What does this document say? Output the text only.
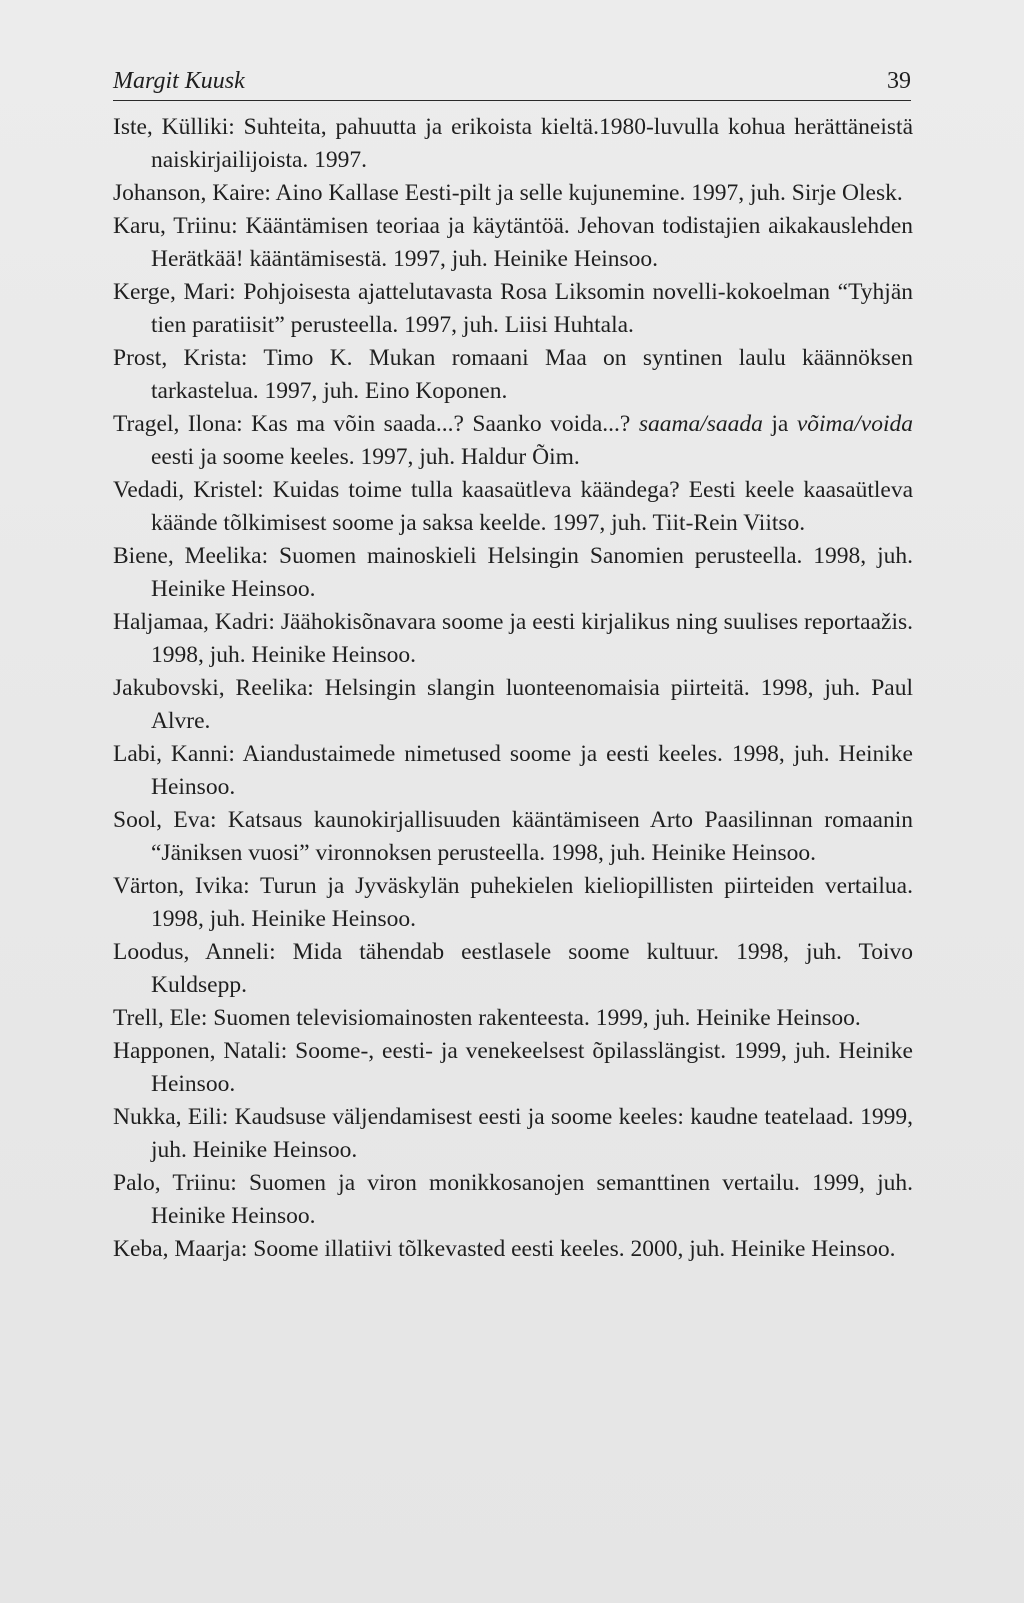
Margit Kuusk	39
Iste, Külliki: Suhteita, pahuutta ja erikoista kieltä.1980-luvulla kohua herättäneistä naiskirjailijoista. 1997.
Johanson, Kaire: Aino Kallase Eesti-pilt ja selle kujunemine. 1997, juh. Sirje Olesk.
Karu, Triinu: Kääntämisen teoriaa ja käytäntöä. Jehovan todistajien aikakauslehden Herätkää! kääntämisestä. 1997, juh. Heinike Heinsoo.
Kerge, Mari: Pohjoisesta ajattelutavasta Rosa Liksomin novelli-kokoelman “Tyhjän tien paratiisit” perusteella. 1997, juh. Liisi Huhtala.
Prost, Krista: Timo K. Mukan romaani Maa on syntinen laulu käännöksen tarkastelua. 1997, juh. Eino Koponen.
Tragel, Ilona: Kas ma võin saada...? Saanko voida...? saama/saada ja võima/voida eesti ja soome keeles. 1997, juh. Haldur Õim.
Vedadi, Kristel: Kuidas toime tulla kaasaütleva käändega? Eesti keele kaasaütleva käände tõlkimisest soome ja saksa keelde. 1997, juh. Tiit-Rein Viitso.
Biene, Meelika: Suomen mainoskieli Helsingin Sanomien perusteella. 1998, juh. Heinike Heinsoo.
Haljamaa, Kadri: Jäähokisõnavara soome ja eesti kirjalikus ning suulises reportaažis. 1998, juh. Heinike Heinsoo.
Jakubovski, Reelika: Helsingin slangin luonteenomaisia piirteitä. 1998, juh. Paul Alvre.
Labi, Kanni: Aiandustaimede nimetused soome ja eesti keeles. 1998, juh. Heinike Heinsoo.
Sool, Eva: Katsaus kaunokirjallisuuden kääntämiseen Arto Paasilinnan romaanin “Jäniksen vuosi” vironnoksen perusteella. 1998, juh. Heinike Heinsoo.
Värton, Ivika: Turun ja Jyväskylän puhekielen kieliopillisten piirteiden vertailua. 1998, juh. Heinike Heinsoo.
Loodus, Anneli: Mida tähendab eestlasele soome kultuur. 1998, juh. Toivo Kuldsepp.
Trell, Ele: Suomen televisiomainosten rakenteesta. 1999, juh. Heinike Heinsoo.
Happonen, Natali: Soome-, eesti- ja venekeelsest õpilasslängist. 1999, juh. Heinike Heinsoo.
Nukka, Eili: Kaudsuse väljendamisest eesti ja soome keeles: kaudne teatelaad. 1999, juh. Heinike Heinsoo.
Palo, Triinu: Suomen ja viron monikkosanojen semanttinen vertailu. 1999, juh. Heinike Heinsoo.
Keba, Maarja: Soome illatiivi tõlkevasted eesti keeles. 2000, juh. Heinike Heinsoo.
